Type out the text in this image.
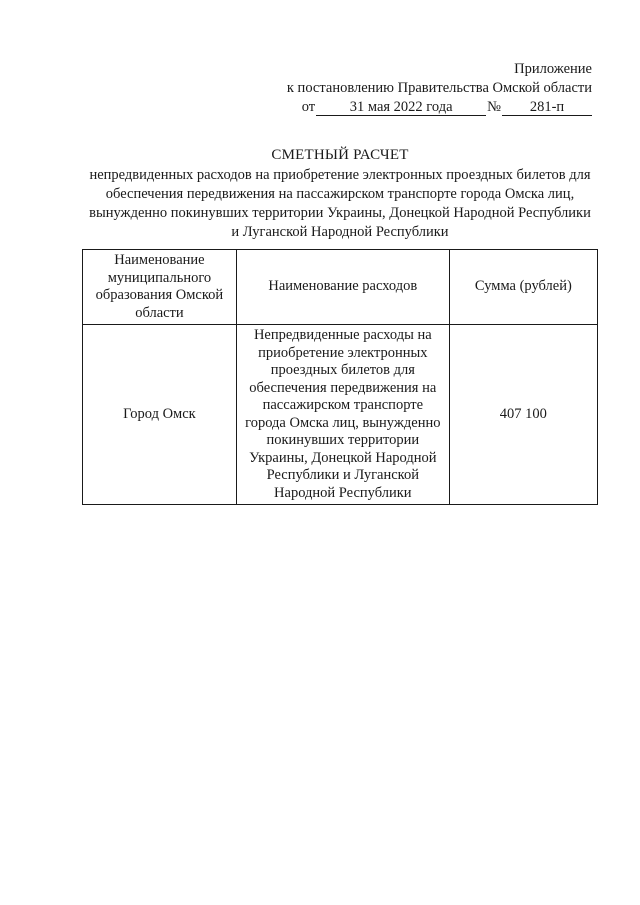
Приложение
к постановлению Правительства Омской области
от	31 мая 2022 года	№	281-п
СМЕТНЫЙ РАСЧЕТ
непредвиденных расходов на приобретение электронных проездных билетов для обеспечения передвижения на пассажирском транспорте города Омска лиц, вынужденно покинувших территории Украины, Донецкой Народной Республики и Луганской Народной Республики
Наименование муниципального образования Омской области	Наименование расходов	Сумма (рублей)
Город Омск	Непредвиденные расходы на приобретение электронных проездных билетов для обеспечения передвижения на пассажирском транспорте города Омска лиц, вынужденно покинувших территории Украины, Донецкой Народной Республики и Луганской Народной Республики	407 100
